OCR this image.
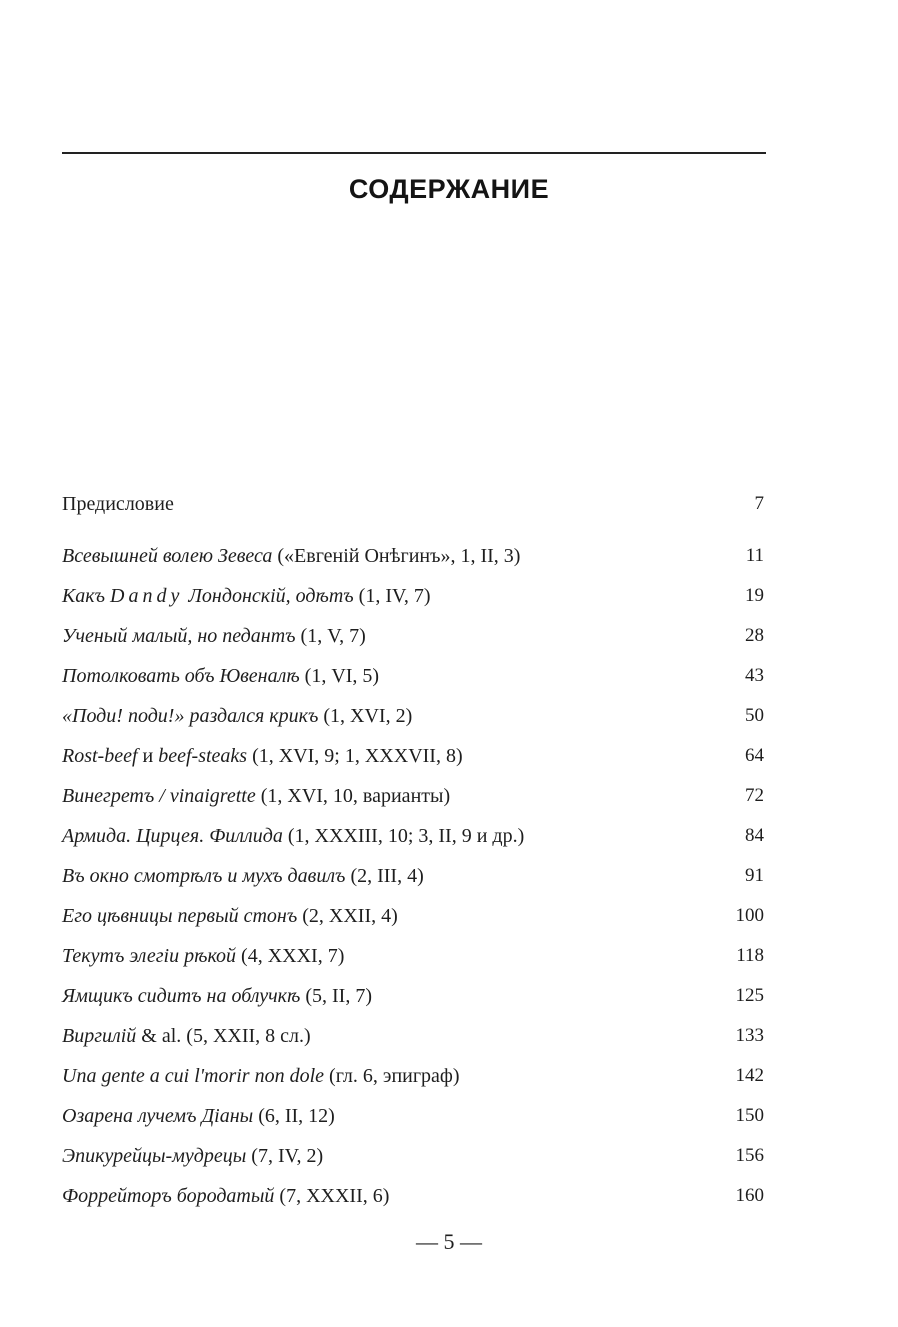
СОДЕРЖАНИЕ
Предисловие	7
Всевышней волею Зевеса («Евгеній Онѣгинъ», 1, II, 3)	11
Какъ Dandy Лондонскій, одѣтъ (1, IV, 7)	19
Ученый малый, но педантъ (1, V, 7)	28
Потолковать объ Ювеналѣ (1, VI, 5)	43
«Поди! поди!» раздался крикъ (1, XVI, 2)	50
Rost-beef и beef-steaks (1, XVI, 9; 1, XXXVII, 8)	64
Винегретъ / vinaigrette (1, XVI, 10, варианты)	72
Армида. Цирцея. Филлида (1, XXXIII, 10; 3, II, 9 и др.)	84
Въ окно смотрѣлъ и мухъ давилъ (2, III, 4)	91
Его цѣвницы первый стонъ (2, XXII, 4)	100
Текутъ элегіи рѣкой (4, XXXI, 7)	118
Ямщикъ сидитъ на облучкѣ (5, II, 7)	125
Виргилій & al. (5, XXII, 8 сл.)	133
Una gente a cui l'morir non dole (гл. 6, эпиграф)	142
Озарена лучемъ Діаны (6, II, 12)	150
Эпикурейцы-мудрецы (7, IV, 2)	156
Форрейторъ бородатый (7, XXXII, 6)	160
— 5 —
